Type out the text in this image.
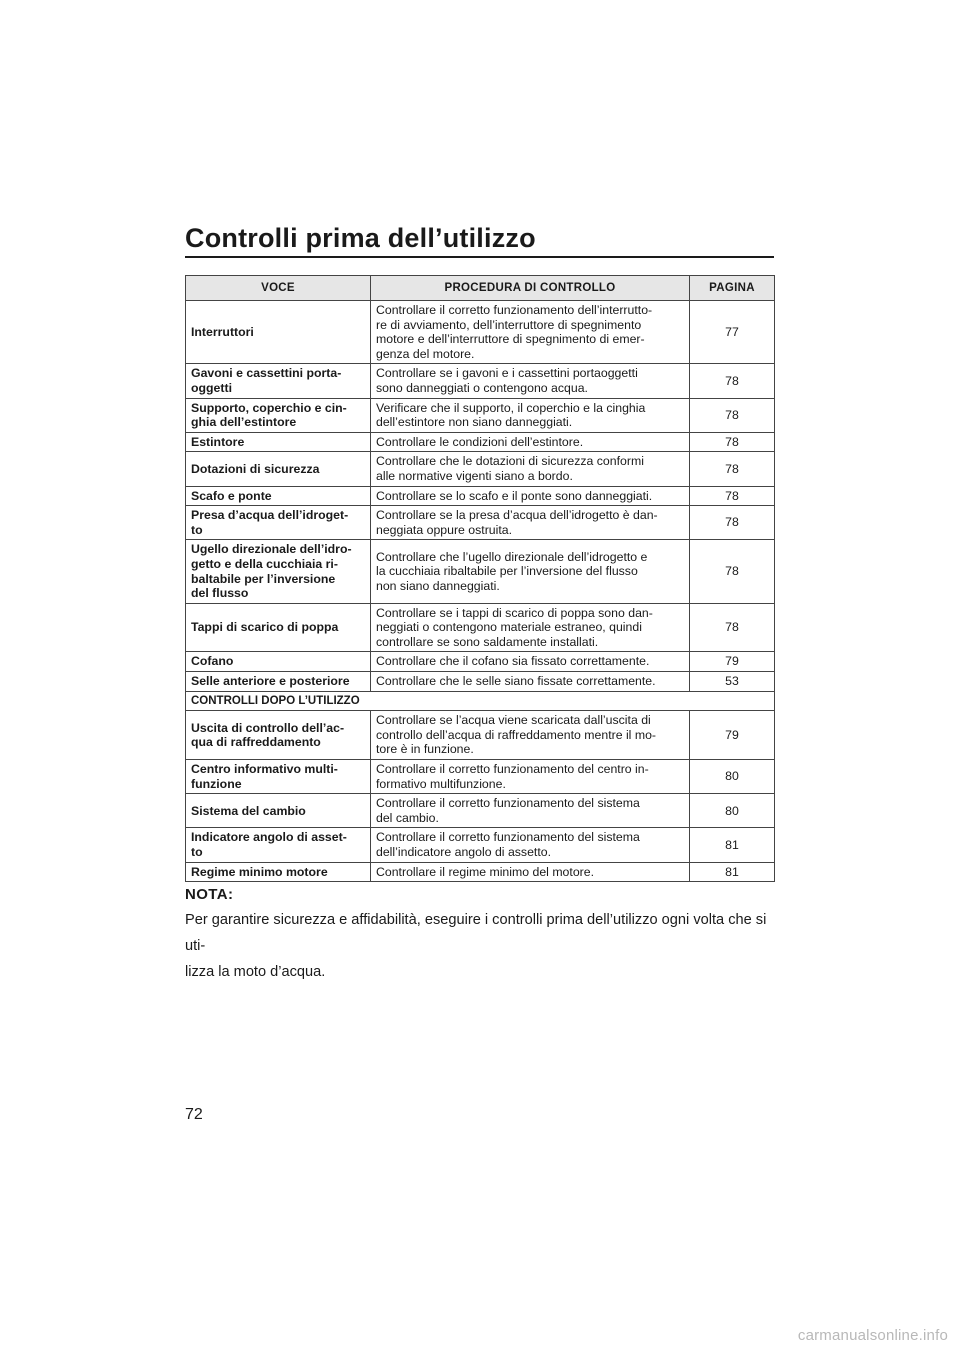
Controlli prima dell’utilizzo
VOCE	PROCEDURA DI CONTROLLO	PAGINA
Interruttori	Controllare il corretto funzionamento dell’interrutto-
re di avviamento, dell’interruttore di spegnimento
motore e dell’interruttore di spegnimento di emer-
genza del motore.	77
Gavoni e cassettini porta-
oggetti	Controllare se i gavoni e i cassettini portaoggetti
sono danneggiati o contengono acqua.	78
Supporto, coperchio e cin-
ghia dell’estintore	Verificare che il supporto, il coperchio e la cinghia
dell’estintore non siano danneggiati.	78
Estintore	Controllare le condizioni dell’estintore.	78
Dotazioni di sicurezza	Controllare che le dotazioni di sicurezza conformi
alle normative vigenti siano a bordo.	78
Scafo e ponte	Controllare se lo scafo e il ponte sono danneggiati.	78
Presa d’acqua dell’idroget-
to	Controllare se la presa d’acqua dell’idrogetto è dan-
neggiata oppure ostruita.	78
Ugello direzionale dell’idro-
getto e della cucchiaia ri-
baltabile per l’inversione
del flusso	Controllare che l’ugello direzionale dell’idrogetto e
la cucchiaia ribaltabile per l’inversione del flusso
non siano danneggiati.	78
Tappi di scarico di poppa	Controllare se i tappi di scarico di poppa sono dan-
neggiati o contengono materiale estraneo, quindi
controllare se sono saldamente installati.	78
Cofano	Controllare che il cofano sia fissato correttamente.	79
Selle anteriore e posteriore	Controllare che le selle siano fissate correttamente.	53
CONTROLLI DOPO L’UTILIZZO		
Uscita di controllo dell’ac-
qua di raffreddamento	Controllare se l’acqua viene scaricata dall’uscita di
controllo dell’acqua di raffreddamento mentre il mo-
tore è in funzione.	79
Centro informativo multi-
funzione	Controllare il corretto funzionamento del centro in-
formativo multifunzione.	80
Sistema del cambio	Controllare il corretto funzionamento del sistema
del cambio.	80
Indicatore angolo di asset-
to	Controllare il corretto funzionamento del sistema
dell’indicatore angolo di assetto.	81
Regime minimo motore	Controllare il regime minimo del motore.	81

NOTA:

Per garantire sicurezza e affidabilità, eseguire i controlli prima dell’utilizzo ogni volta che si uti-
lizza la moto d’acqua.

72
carmanualsonline.info
